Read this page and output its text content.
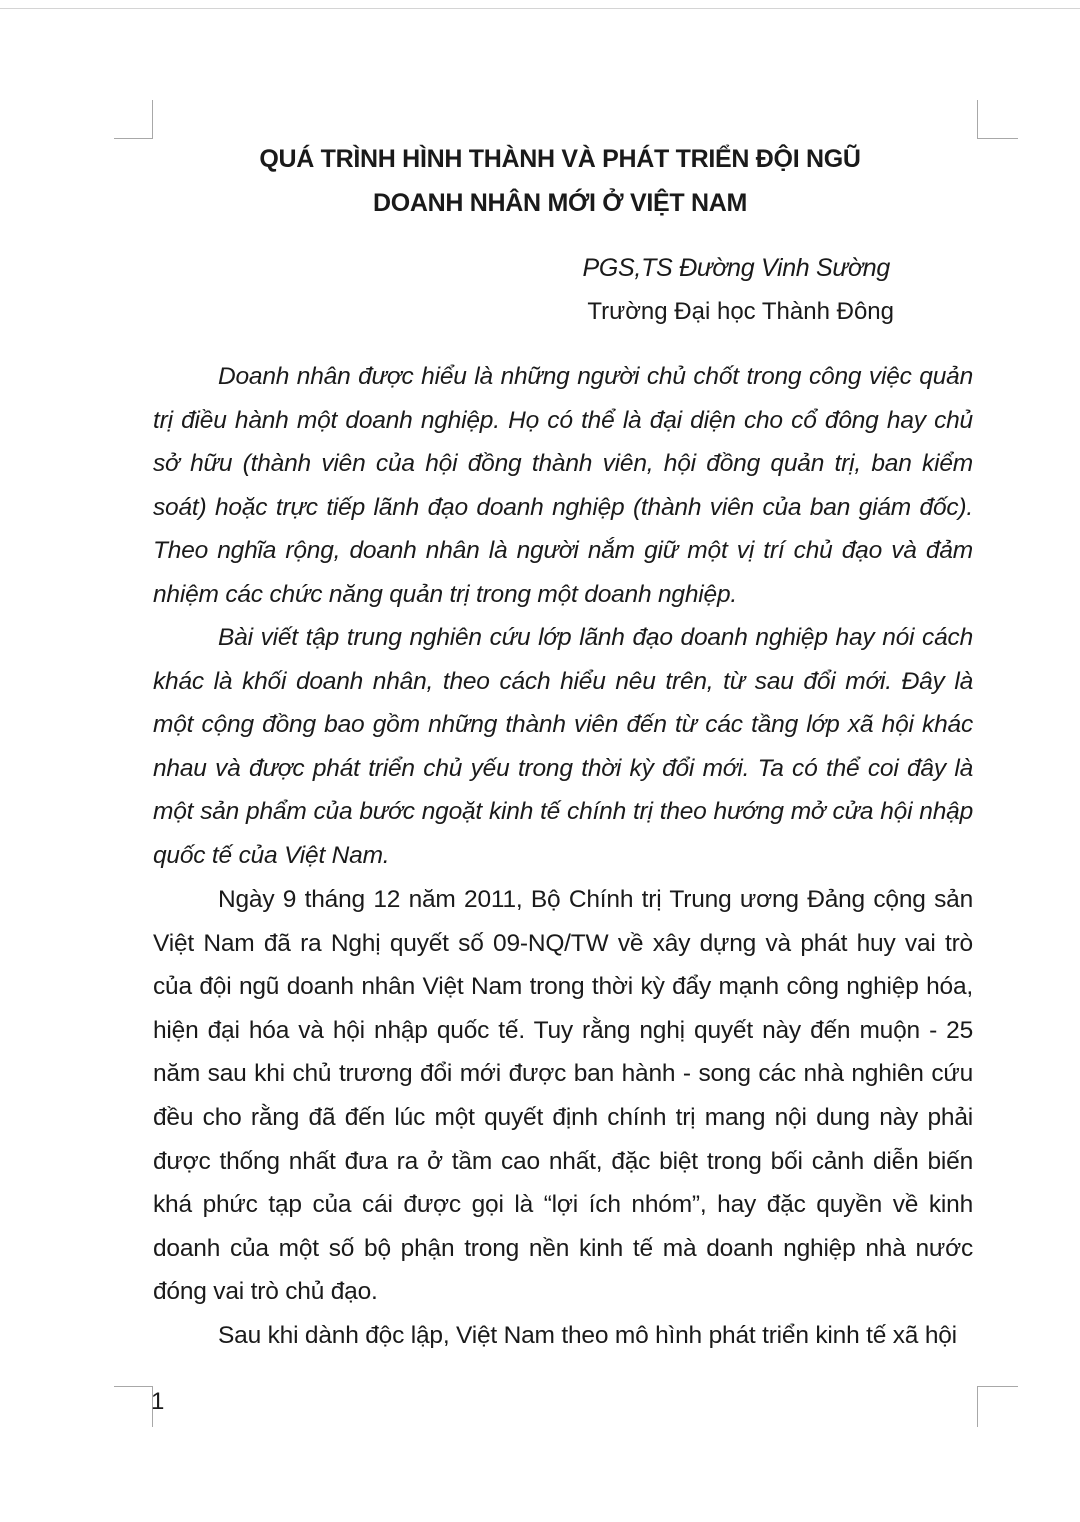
QUÁ TRÌNH HÌNH THÀNH VÀ PHÁT TRIỂN ĐỘI NGŨ
DOANH NHÂN MỚI Ở VIỆT NAM
PGS,TS Đường Vinh Sường
Trường Đại học Thành Đông

Doanh nhân được hiểu là những người chủ chốt trong công việc quản trị điều hành một doanh nghiệp. Họ có thể là đại diện cho cổ đông hay chủ sở hữu (thành viên của hội đồng thành viên, hội đồng quản trị, ban kiểm soát) hoặc trực tiếp lãnh đạo doanh nghiệp (thành viên của ban giám đốc). Theo nghĩa rộng, doanh nhân là người nắm giữ một vị trí chủ đạo và đảm nhiệm các chức năng quản trị trong một doanh nghiệp.

Bài viết tập trung nghiên cứu lớp lãnh đạo doanh nghiệp hay nói cách khác là khối doanh nhân, theo cách hiểu nêu trên, từ sau đổi mới. Đây là một cộng đồng bao gồm những thành viên đến từ các tầng lớp xã hội khác nhau và được phát triển chủ yếu trong thời kỳ đổi mới. Ta có thể coi đây là một sản phẩm của bước ngoặt kinh tế chính trị theo hướng mở cửa hội nhập quốc tế của Việt Nam.

Ngày 9 tháng 12 năm 2011, Bộ Chính trị Trung ương Đảng cộng sản Việt Nam đã ra Nghị quyết số 09-NQ/TW về xây dựng và phát huy vai trò của đội ngũ doanh nhân Việt Nam trong thời kỳ đẩy mạnh công nghiệp hóa, hiện đại hóa và hội nhập quốc tế. Tuy rằng nghị quyết này đến muộn - 25 năm sau khi chủ trương đổi mới được ban hành - song các nhà nghiên cứu đều cho rằng đã đến lúc một quyết định chính trị mang nội dung này phải được thống nhất đưa ra ở tầm cao nhất, đặc biệt trong bối cảnh diễn biến khá phức tạp của cái được gọi là “lợi ích nhóm”, hay đặc quyền về kinh doanh của một số bộ phận trong nền kinh tế mà doanh nghiệp nhà nước đóng vai trò chủ đạo.

Sau khi dành độc lập, Việt Nam theo mô hình phát triển kinh tế xã hội

1
